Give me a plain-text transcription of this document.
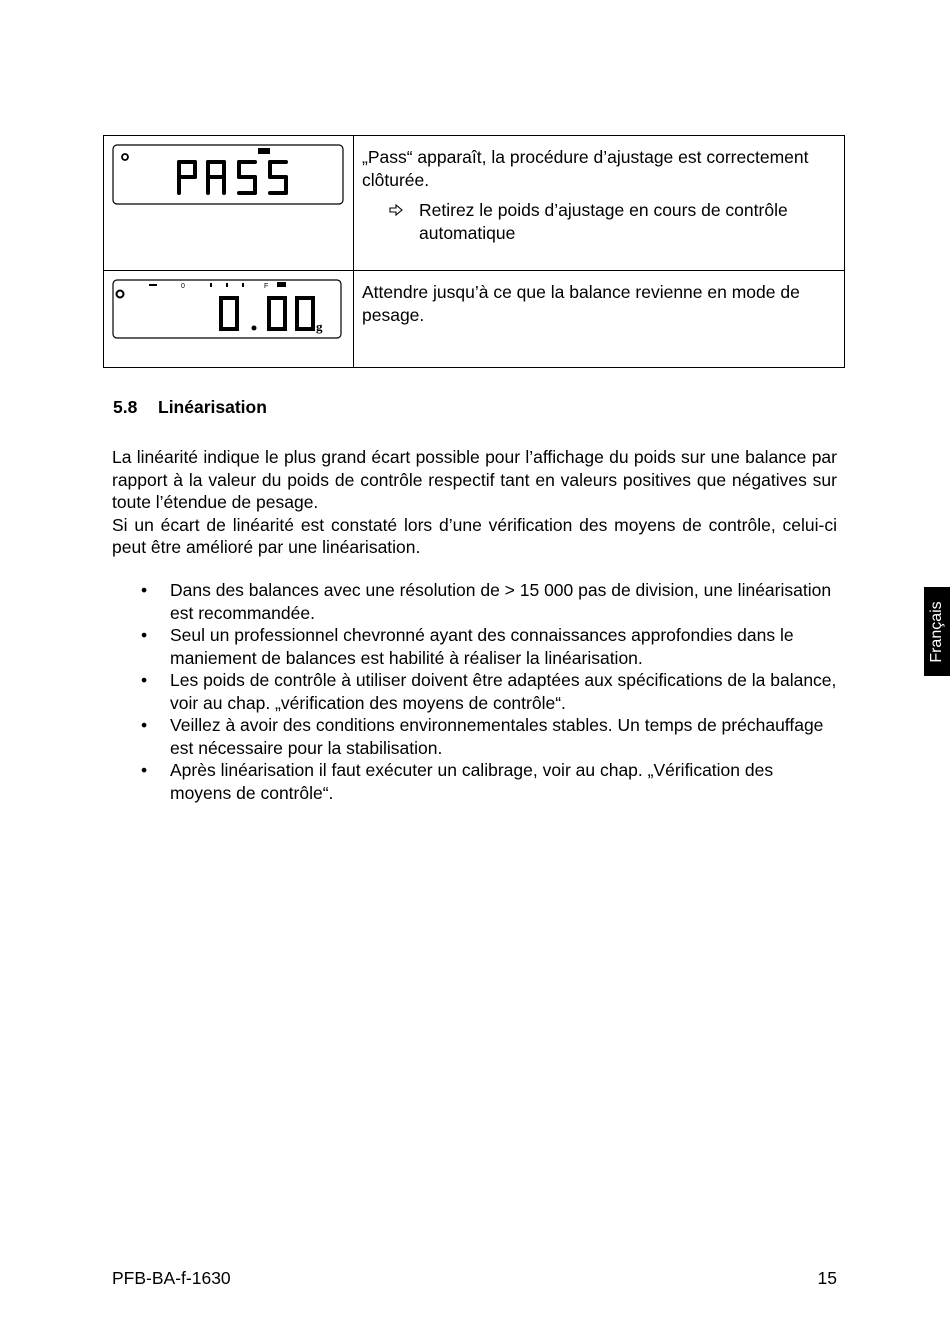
PASS	„Pass“ apparaît, la procédure d’ajustage est correctement clôturée.
Retirez le poids d’ajustage en cours de contrôle automatique

0 F
g
0.00	Attendre jusqu’à ce que la balance revienne en mode de pesage.
5.8 Linéarisation

La linéarité indique le plus grand écart possible pour l’affichage du poids sur une balance par rapport à la valeur du poids de contrôle respectif tant en valeurs positives que négatives sur toute l’étendue de pesage.

Si un écart de linéarité est constaté lors d’une vérification des moyens de contrôle, celui-ci peut être amélioré par une linéarisation.

• Dans des balances avec une résolution de > 15 000 pas de division, une linéarisation est recommandée.
• Seul un professionnel chevronné ayant des connaissances approfondies dans le maniement de balances est habilité à réaliser la linéarisation.
• Les poids de contrôle à utiliser doivent être adaptées aux spécifications de la balance, voir au chap. „vérification des moyens de contrôle“.
• Veillez à avoir des conditions environnementales stables. Un temps de préchauffage est nécessaire pour la stabilisation.
• Après linéarisation il faut exécuter un calibrage, voir au chap. „Vérification des moyens de contrôle“.
Français
PFB-BA-f-1630	15
